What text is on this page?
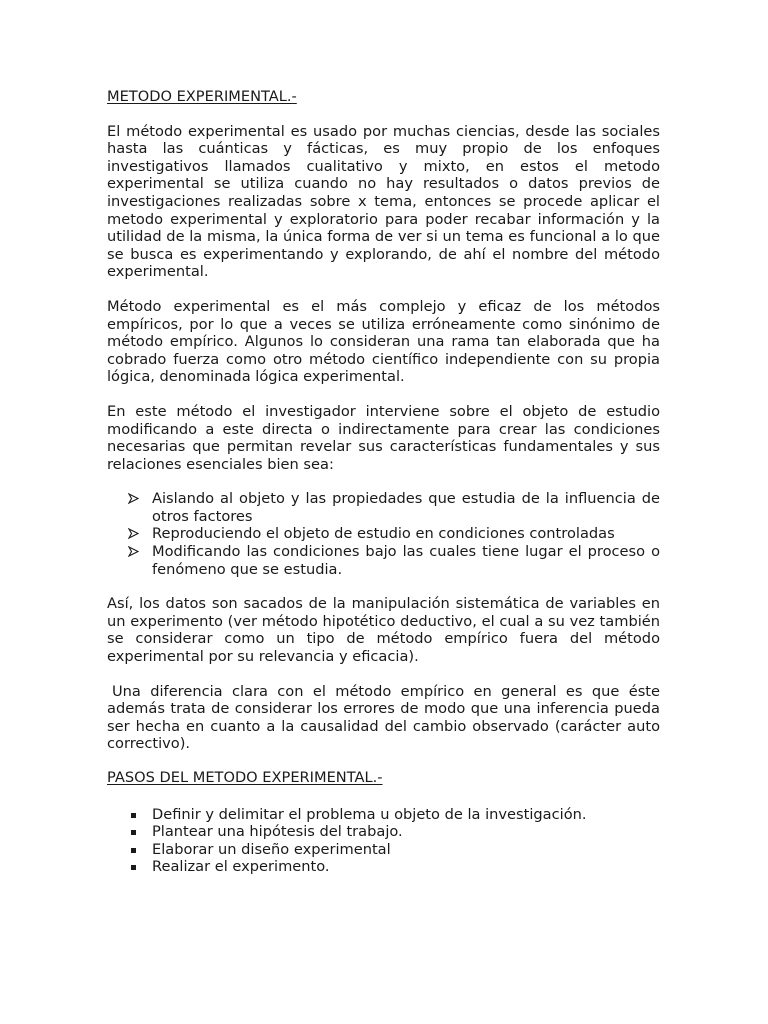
METODO EXPERIMENTAL.-

El método experimental es usado por muchas ciencias, desde las sociales hasta las cuánticas y fácticas, es muy propio de los enfoques investigativos llamados cualitativo y mixto, en estos el metodo experimental se utiliza cuando no hay resultados o datos previos de investigaciones realizadas sobre x tema, entonces se procede aplicar el metodo experimental y exploratorio para poder recabar información y la utilidad de la misma, la única forma de ver si un tema es funcional a lo que se busca es experimentando y explorando, de ahí el nombre del método experimental.

Método experimental es el más complejo y eficaz de los métodos empíricos, por lo que a veces se utiliza erróneamente como sinónimo de método empírico. Algunos lo consideran una rama tan elaborada que ha cobrado fuerza como otro método científico independiente con su propia lógica, denominada lógica experimental.

En este método el investigador interviene sobre el objeto de estudio modificando a este directa o indirectamente para crear las condiciones necesarias que permitan revelar sus características fundamentales y sus relaciones esenciales bien sea:

Aislando al objeto y las propiedades que estudia de la influencia de otros factores
Reproduciendo el objeto de estudio en condiciones controladas
Modificando las condiciones bajo las cuales tiene lugar el proceso o fenómeno que se estudia.

Así, los datos son sacados de la manipulación sistemática de variables en un experimento (ver método hipotético deductivo, el cual a su vez también se considerar como un tipo de método empírico fuera del método experimental por su relevancia y eficacia).

Una diferencia clara con el método empírico en general es que éste además trata de considerar los errores de modo que una inferencia pueda ser hecha en cuanto a la causalidad del cambio observado (carácter auto correctivo).

PASOS DEL METODO EXPERIMENTAL.-
Definir y delimitar el problema u objeto de la investigación.
Plantear una hipótesis del trabajo.
Elaborar un diseño experimental
Realizar el experimento.
